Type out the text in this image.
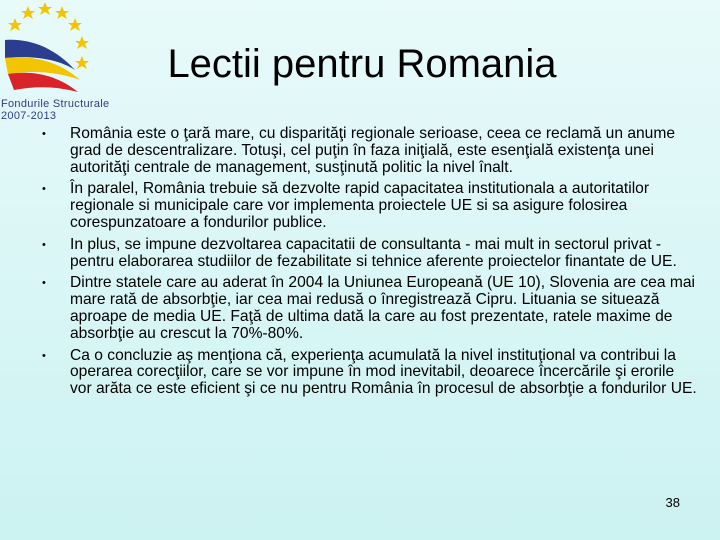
Fondurile Structurale
2007-2013
Lectii pentru Romania
• România este o ţară mare, cu disparităţi regionale serioase, ceea ce reclamă un anume grad de descentralizare. Totuşi, cel puţin în faza iniţială, este esenţială existenţa unei autorităţi centrale de management, susţinută politic la nivel înalt.
• În paralel, România trebuie să dezvolte rapid capacitatea institutionala a autoritatilor regionale si municipale care vor implementa proiectele UE si sa asigure folosirea corespunzatoare a fondurilor publice.
• In plus, se impune dezvoltarea capacitatii de consultanta - mai mult in sectorul privat - pentru elaborarea studiilor de fezabilitate si tehnice aferente proiectelor finantate de UE.
• Dintre statele care au aderat în 2004 la Uniunea Europeană (UE 10), Slovenia are cea mai mare rată de absorbţie, iar cea mai redusă o înregistrează Cipru. Lituania se situează aproape de media UE. Faţă de ultima dată la care au fost prezentate, ratele maxime de absorbţie au crescut la 70%-80%.
• Ca o concluzie aş menţiona că, experienţa acumulată la nivel instituţional va contribui la operarea corecţiilor, care se vor impune în mod inevitabil, deoarece încercările şi erorile vor arăta ce este eficient şi ce nu pentru România în procesul de absorbţie a fondurilor UE.
38
